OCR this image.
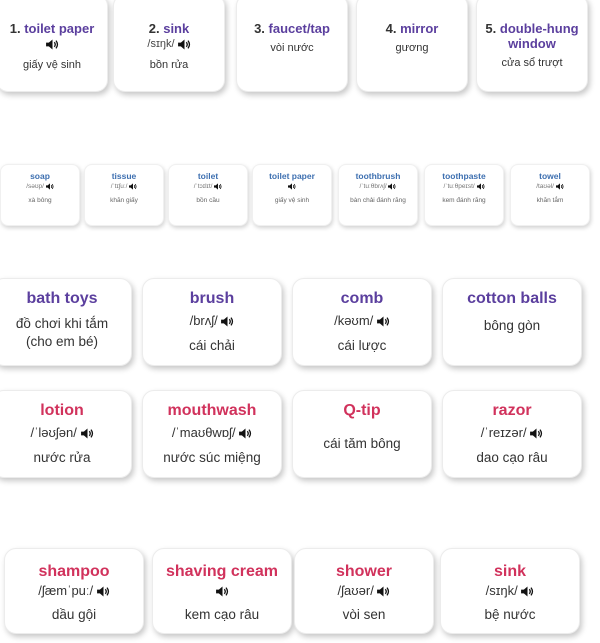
1. toilet paper
giấy vệ sinh
2. sink
/sɪŋk/
bồn rửa
3. faucet/tap
vòi nước
4. mirror
gương
5. double-hung window
cửa sổ trượt
soap
/səʊp/
xà bông
tissue
/ˈtɪʃuː/
khăn giấy
toilet
/ˈtɔɪlɪt/
bồn cầu
toilet paper
giấy vệ sinh
toothbrush
/ˈtuːθbrʌʃ/
bàn chải đánh răng
toothpaste
/ˈtuːθpeɪst/
kem đánh răng
towel
/taʊəl/
khăn tắm
bath toys
đồ chơi khi tắm
(cho em bé)
brush
/brʌʃ/
cái chải
comb
/kəʊm/
cái lược
cotton balls
bông gòn
lotion
/ˈləʊʃən/
nước rửa
mouthwash
/ˈmaʊθwɒʃ/
nước súc miệng
Q-tip
cái tăm bông
razor
/ˈreɪzər/
dao cạo râu
shampoo
/ʃæmˈpuː/
dầu gội
shaving cream
kem cạo râu
shower
/ʃaʊər/
vòi sen
sink
/sɪŋk/
bệ nước
